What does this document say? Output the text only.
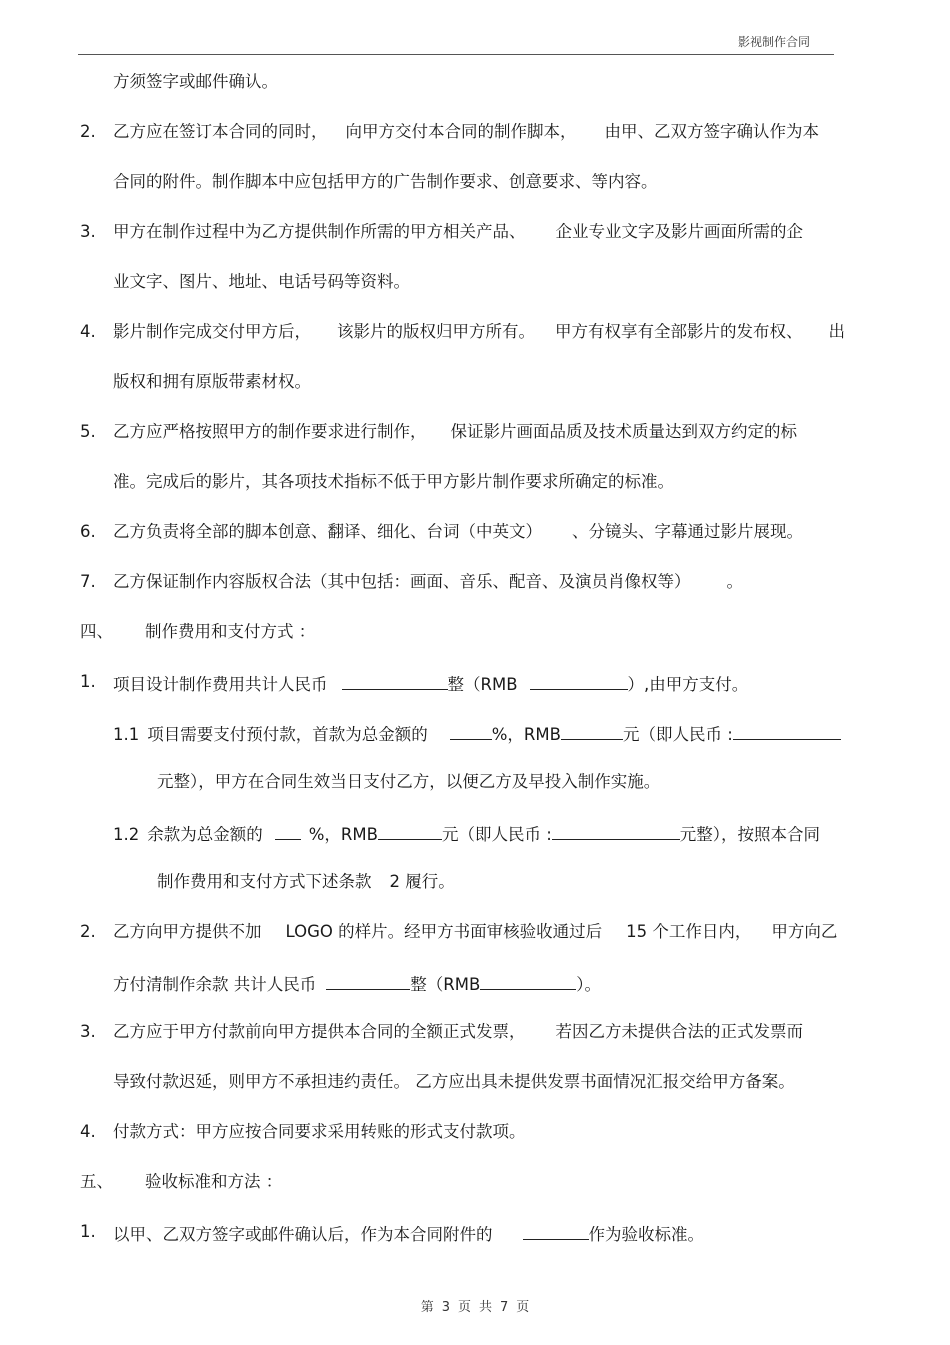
影视制作合同
方须签字或邮件确认。
2. 乙方应在签订本合同的同时， 向甲方交付本合同的制作脚本， 由甲、乙双方签字确认作为本
合同的附件。制作脚本中应包括甲方的广告制作要求、创意要求、等内容。
3. 甲方在制作过程中为乙方提供制作所需的甲方相关产品、 企业专业文字及影片画面所需的企
业文字、图片、地址、电话号码等资料。
4. 影片制作完成交付甲方后， 该影片的版权归甲方所有。 甲方有权享有全部影片的发布权、 出
版权和拥有原版带素材权。
5. 乙方应严格按照甲方的制作要求进行制作， 保证影片画面品质及技术质量达到双方约定的标
准。完成后的影片，其各项技术指标不低于甲方影片制作要求所确定的标准。
6. 乙方负责将全部的脚本创意、翻译、细化、台词（中英文） 、分镜头、字幕通过影片展现。
7. 乙方保证制作内容版权合法（其中包括：画面、音乐、配音、及演员肖像权等） 。
四、 制作费用和支付方式 ：
1. 项目设计制作费用共计人民币	整（RMB	）,由甲方支付。
1.1 项目需要支付预付款，首款为总金额的	%，RMB	元（即人民币 :
元整），甲方在合同生效当日支付乙方，以便乙方及早投入制作实施。
1.2 余款为总金额的	%，RMB	元（即人民币 :	元整），按照本合同
制作费用和支付方式下述条款 2 履行。
2. 乙方向甲方提供不加 LOGO 的样片。经甲方书面审核验收通过后 15 个工作日内， 甲方向乙
方付清制作余款 共计人民币	整（RMB	）。
3. 乙方应于甲方付款前向甲方提供本合同的全额正式发票， 若因乙方未提供合法的正式发票而
导致付款迟延，则甲方不承担违约责任。 乙方应出具未提供发票书面情况汇报交给甲方备案。
4. 付款方式：甲方应按合同要求采用转账的形式支付款项。
五、 验收标准和方法 ：
1. 以甲、乙双方签字或邮件确认后，作为本合同附件的	作为验收标准。
第 3 页 共 7 页
